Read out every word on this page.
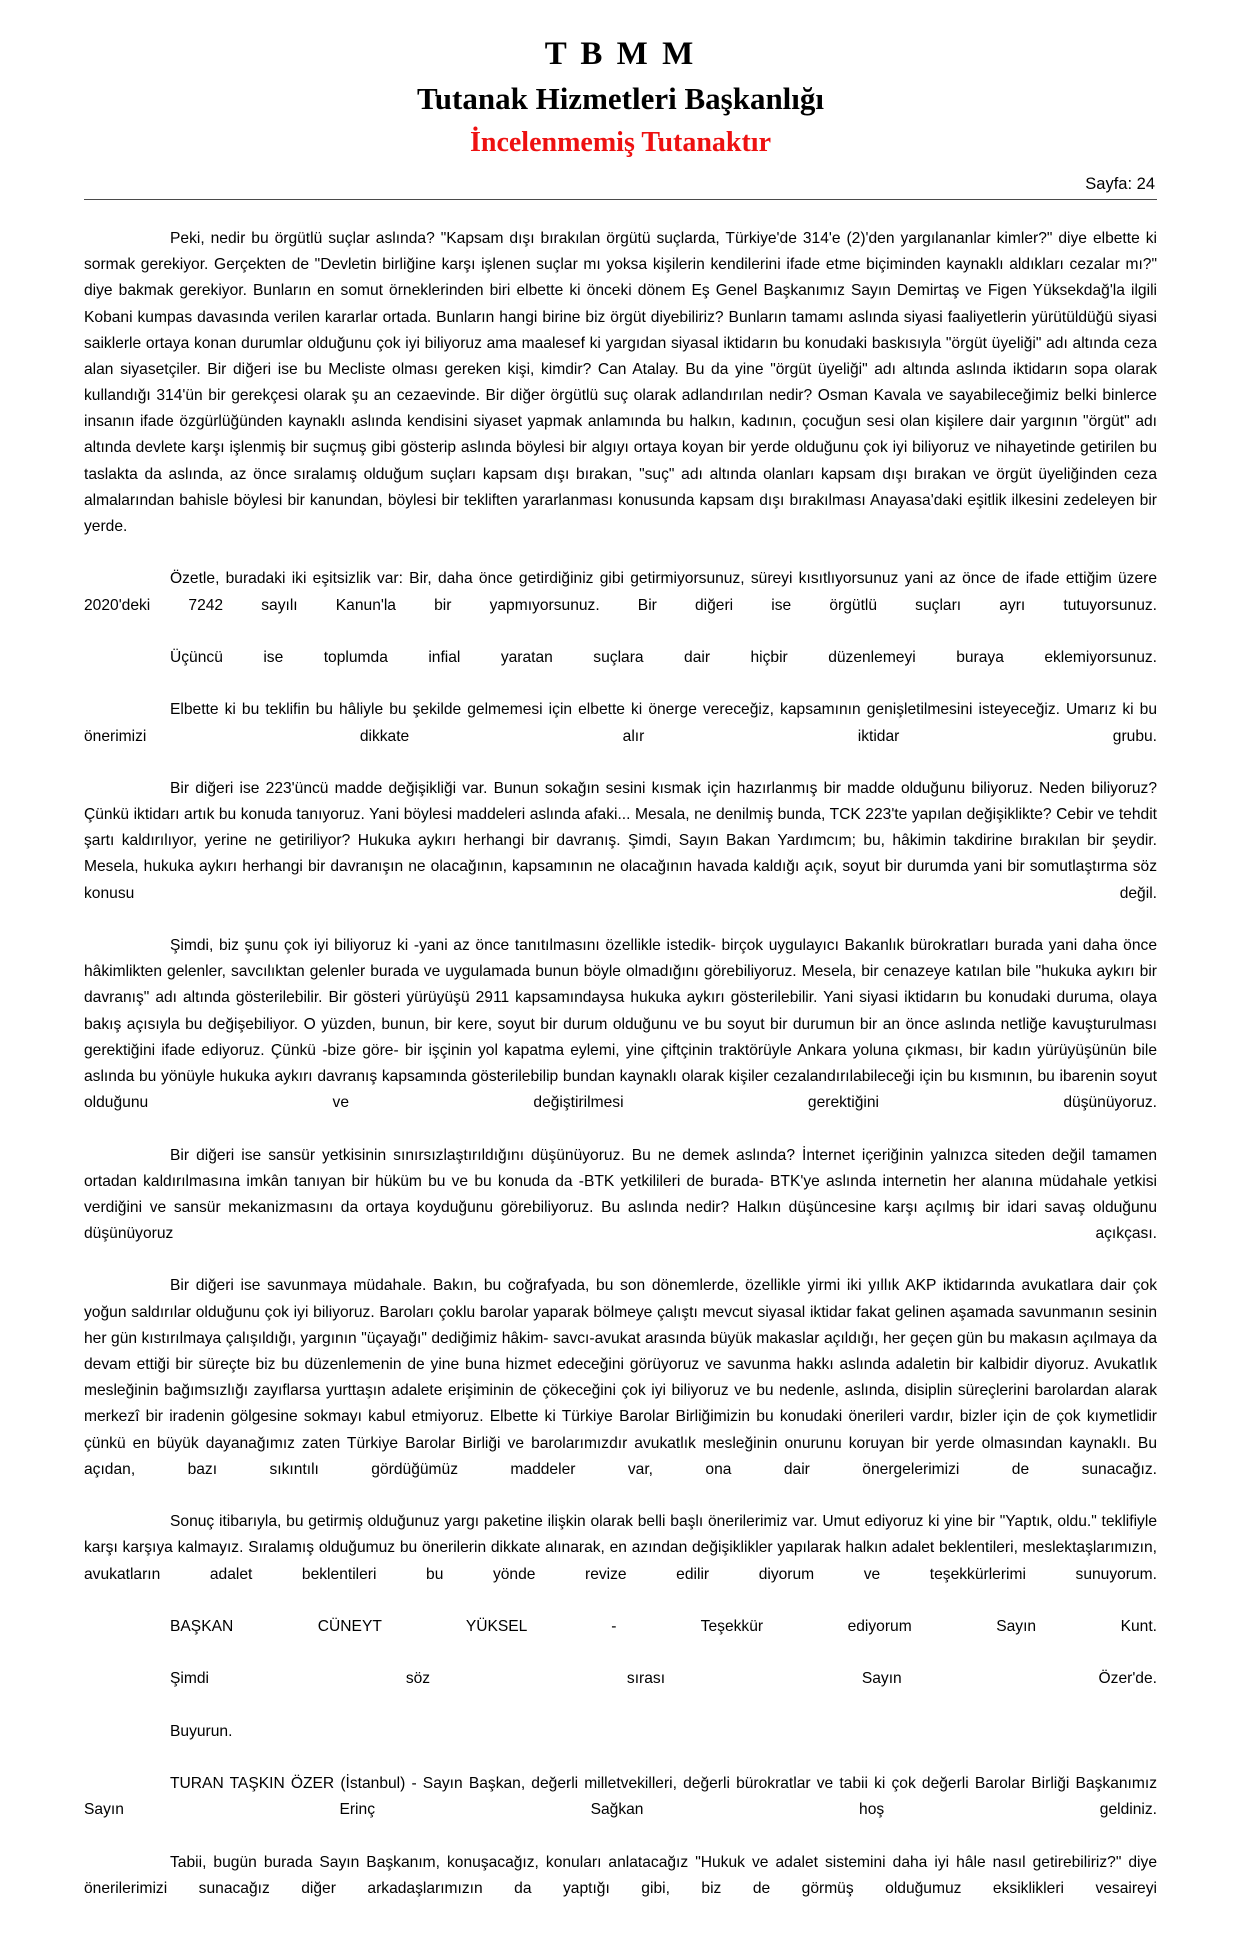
T B M M
Tutanak Hizmetleri Başkanlığı
İncelenmemiş Tutanaktır
Sayfa: 24

Peki, nedir bu örgütlü suçlar aslında? "Kapsam dışı bırakılan örgütü suçlarda, Türkiye'de 314'e (2)'den yargılananlar kimler?" diye elbette ki sormak gerekiyor. Gerçekten de "Devletin birliğine karşı işlenen suçlar mı yoksa kişilerin kendilerini ifade etme biçiminden kaynaklı aldıkları cezalar mı?" diye bakmak gerekiyor. Bunların en somut örneklerinden biri elbette ki önceki dönem Eş Genel Başkanımız Sayın Demirtaş ve Figen Yüksekdağ'la ilgili Kobani kumpas davasında verilen kararlar ortada. Bunların hangi birine biz örgüt diyebiliriz? Bunların tamamı aslında siyasi faaliyetlerin yürütüldüğü siyasi saiklerle ortaya konan durumlar olduğunu çok iyi biliyoruz ama maalesef ki yargıdan siyasal iktidarın bu konudaki baskısıyla "örgüt üyeliği" adı altında ceza alan siyasetçiler. Bir diğeri ise bu Mecliste olması gereken kişi, kimdir? Can Atalay. Bu da yine "örgüt üyeliği" adı altında aslında iktidarın sopa olarak kullandığı 314'ün bir gerekçesi olarak şu an cezaevinde. Bir diğer örgütlü suç olarak adlandırılan nedir? Osman Kavala ve sayabileceğimiz belki binlerce insanın ifade özgürlüğünden kaynaklı aslında kendisini siyaset yapmak anlamında bu halkın, kadının, çocuğun sesi olan kişilere dair yargının "örgüt" adı altında devlete karşı işlenmiş bir suçmuş gibi gösterip aslında böylesi bir algıyı ortaya koyan bir yerde olduğunu çok iyi biliyoruz ve nihayetinde getirilen bu taslakta da aslında, az önce sıralamış olduğum suçları kapsam dışı bırakan, "suç" adı altında olanları kapsam dışı bırakan ve örgüt üyeliğinden ceza almalarından bahisle böylesi bir kanundan, böylesi bir tekliften yararlanması konusunda kapsam dışı bırakılması Anayasa'daki eşitlik ilkesini zedeleyen bir yerde.

Özetle, buradaki iki eşitsizlik var: Bir, daha önce getirdiğiniz gibi getirmiyorsunuz, süreyi kısıtlıyorsunuz yani az önce de ifade ettiğim üzere 2020'deki 7242 sayılı Kanun'la bir yapmıyorsunuz. Bir diğeri ise örgütlü suçları ayrı tutuyorsunuz.

Üçüncü ise toplumda infial yaratan suçlara dair hiçbir düzenlemeyi buraya eklemiyorsunuz.

Elbette ki bu teklifin bu hâliyle bu şekilde gelmemesi için elbette ki önerge vereceğiz, kapsamının genişletilmesini isteyeceğiz. Umarız ki bu önerimizi dikkate alır iktidar grubu.

Bir diğeri ise 223'üncü madde değişikliği var. Bunun sokağın sesini kısmak için hazırlanmış bir madde olduğunu biliyoruz. Neden biliyoruz? Çünkü iktidarı artık bu konuda tanıyoruz. Yani böylesi maddeleri aslında afaki... Mesala, ne denilmiş bunda, TCK 223'te yapılan değişiklikte? Cebir ve tehdit şartı kaldırılıyor, yerine ne getiriliyor? Hukuka aykırı herhangi bir davranış. Şimdi, Sayın Bakan Yardımcım; bu, hâkimin takdirine bırakılan bir şeydir. Mesela, hukuka aykırı herhangi bir davranışın ne olacağının, kapsamının ne olacağının havada kaldığı açık, soyut bir durumda yani bir somutlaştırma söz konusu değil.

Şimdi, biz şunu çok iyi biliyoruz ki -yani az önce tanıtılmasını özellikle istedik- birçok uygulayıcı Bakanlık bürokratları burada yani daha önce hâkimlikten gelenler, savcılıktan gelenler burada ve uygulamada bunun böyle olmadığını görebiliyoruz. Mesela, bir cenazeye katılan bile "hukuka aykırı bir davranış" adı altında gösterilebilir. Bir gösteri yürüyüşü 2911 kapsamındaysa hukuka aykırı gösterilebilir. Yani siyasi iktidarın bu konudaki duruma, olaya bakış açısıyla bu değişebiliyor. O yüzden, bunun, bir kere, soyut bir durum olduğunu ve bu soyut bir durumun bir an önce aslında netliğe kavuşturulması gerektiğini ifade ediyoruz. Çünkü -bize göre- bir işçinin yol kapatma eylemi, yine çiftçinin traktörüyle Ankara yoluna çıkması, bir kadın yürüyüşünün bile aslında bu yönüyle hukuka aykırı davranış kapsamında gösterilebilip bundan kaynaklı olarak kişiler cezalandırılabileceği için bu kısmının, bu ibarenin soyut olduğunu ve değiştirilmesi gerektiğini düşünüyoruz.

Bir diğeri ise sansür yetkisinin sınırsızlaştırıldığını düşünüyoruz. Bu ne demek aslında? İnternet içeriğinin yalnızca siteden değil tamamen ortadan kaldırılmasına imkân tanıyan bir hüküm bu ve bu konuda da -BTK yetkilileri de burada- BTK'ye aslında internetin her alanına müdahale yetkisi verdiğini ve sansür mekanizmasını da ortaya koyduğunu görebiliyoruz. Bu aslında nedir? Halkın düşüncesine karşı açılmış bir idari savaş olduğunu düşünüyoruz açıkçası.

Bir diğeri ise savunmaya müdahale. Bakın, bu coğrafyada, bu son dönemlerde, özellikle yirmi iki yıllık AKP iktidarında avukatlara dair çok yoğun saldırılar olduğunu çok iyi biliyoruz. Baroları çoklu barolar yaparak bölmeye çalıştı mevcut siyasal iktidar fakat gelinen aşamada savunmanın sesinin her gün kıstırılmaya çalışıldığı, yargının "üçayağı" dediğimiz hâkim- savcı-avukat arasında büyük makaslar açıldığı, her geçen gün bu makasın açılmaya da devam ettiği bir süreçte biz bu düzenlemenin de yine buna hizmet edeceğini görüyoruz ve savunma hakkı aslında adaletin bir kalbidir diyoruz. Avukatlık mesleğinin bağımsızlığı zayıflarsa yurttaşın adalete erişiminin de çökeceğini çok iyi biliyoruz ve bu nedenle, aslında, disiplin süreçlerini barolardan alarak merkezî bir iradenin gölgesine sokmayı kabul etmiyoruz. Elbette ki Türkiye Barolar Birliğimizin bu konudaki önerileri vardır, bizler için de çok kıymetlidir çünkü en büyük dayanağımız zaten Türkiye Barolar Birliği ve barolarımızdır avukatlık mesleğinin onurunu koruyan bir yerde olmasından kaynaklı. Bu açıdan, bazı sıkıntılı gördüğümüz maddeler var, ona dair önergelerimizi de sunacağız.

Sonuç itibarıyla, bu getirmiş olduğunuz yargı paketine ilişkin olarak belli başlı önerilerimiz var. Umut ediyoruz ki yine bir "Yaptık, oldu." teklifiyle karşı karşıya kalmayız. Sıralamış olduğumuz bu önerilerin dikkate alınarak, en azından değişiklikler yapılarak halkın adalet beklentileri, meslektaşlarımızın, avukatların adalet beklentileri bu yönde revize edilir diyorum ve teşekkürlerimi sunuyorum.

BAŞKAN CÜNEYT YÜKSEL - Teşekkür ediyorum Sayın Kunt.

Şimdi söz sırası Sayın Özer'de.

Buyurun.

TURAN TAŞKIN ÖZER (İstanbul) - Sayın Başkan, değerli milletvekilleri, değerli bürokratlar ve tabii ki çok değerli Barolar Birliği Başkanımız Sayın Erinç Sağkan hoş geldiniz.

Tabii, bugün burada Sayın Başkanım, konuşacağız, konuları anlatacağız "Hukuk ve adalet sistemini daha iyi hâle nasıl getirebiliriz?" diye önerilerimizi sunacağız diğer arkadaşlarımızın da yaptığı gibi, biz de görmüş olduğumuz eksiklikleri vesaireyi
